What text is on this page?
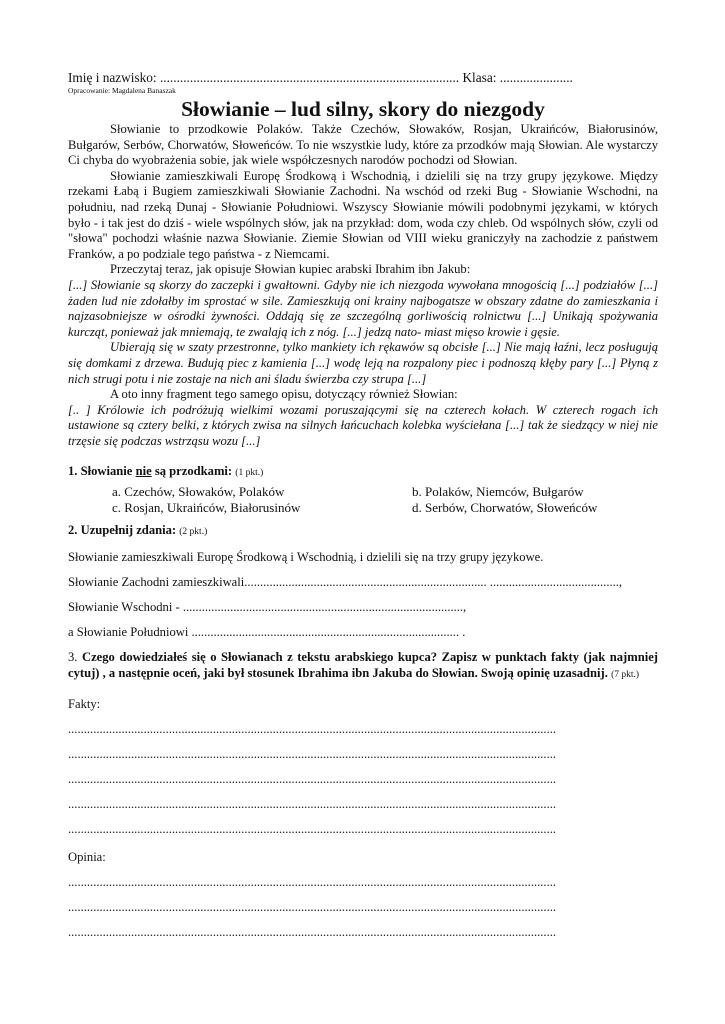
Imię i nazwisko: .......................................................................................... Klasa: ......................
Opracowanie: Magdalena Banaszak
Słowianie – lud silny, skory do niezgody

Słowianie to przodkowie Polaków. Także Czechów, Słowaków, Rosjan, Ukraińców, Białorusinów, Bułgarów, Serbów, Chorwatów, Słoweńców. To nie wszystkie ludy, które za przodków mają Słowian. Ale wystarczy Ci chyba do wyobrażenia sobie, jak wiele współczesnych narodów pochodzi od Słowian.

Słowianie zamieszkiwali Europę Środkową i Wschodnią, i dzielili się na trzy grupy językowe. Między rzekami Łabą i Bugiem zamieszkiwali Słowianie Zachodni. Na wschód od rzeki Bug - Słowianie Wschodni, na południu, nad rzeką Dunaj - Słowianie Południowi. Wszyscy Słowianie mówili podobnymi językami, w których było - i tak jest do dziś - wiele wspólnych słów, jak na przykład: dom, woda czy chleb. Od wspólnych słów, czyli od "słowa" pochodzi właśnie nazwa Słowianie. Ziemie Słowian od VIII wieku graniczyły na zachodzie z państwem Franków, a po podziale tego państwa - z Niemcami.

Przeczytaj teraz, jak opisuje Słowian kupiec arabski Ibrahim ibn Jakub:

[...] Słowianie są skorzy do zaczepki i gwałtowni. Gdyby nie ich niezgoda wywołana mnogością [...] podziałów [...] żaden lud nie zdołałby im sprostać w sile. Zamieszkują oni krainy najbogatsze w obszary zdatne do zamieszkania i najzasobniejsze w ośrodki żywności. Oddają się ze szczególną gorliwością rolnictwu [...] Unikają spożywania kurcząt, ponieważ jak mniemają, te zwalają ich z nóg. [...] jedzą nato- miast mięso krowie i gęsie.

Ubierają się w szaty przestronne, tylko mankiety ich rękawów są obcisłe [...] Nie mają łaźni, lecz posługują się domkami z drzewa. Budują piec z kamienia [...] wodę leją na rozpalony piec i podnoszą kłęby pary [...] Płyną z nich strugi potu i nie zostaje na nich ani śladu świerzba czy strupa [...]

A oto inny fragment tego samego opisu, dotyczący również Słowian:

[.. ] Królowie ich podróżują wielkimi wozami poruszającymi się na czterech kołach. W czterech rogach ich ustawione są cztery belki, z których zwisa na silnych łańcuchach kolebka wyściełana [...] tak że siedzący w niej nie trzęsie się podczas wstrząsu wozu [...]

1. Słowianie nie są przodkami: (1 pkt.)
a. Czechów, Słowaków, Polaków	b. Polaków, Niemców, Bułgarów
c. Rosjan, Ukraińców, Białorusinów	d. Serbów, Chorwatów, Słoweńców
2. Uzupełnij zdania: (2 pkt.)
Słowianie zamieszkiwali Europę Środkową i Wschodnią, i dzielili się na trzy grupy językowe.
Słowianie Zachodni zamieszkiwali............................................................................. .........................................,
Słowianie Wschodni - .........................................................................................,
a Słowianie Południowi ..................................................................................... .
3. Czego dowiedziałeś się o Słowianach z tekstu arabskiego kupca? Zapisz w punktach fakty (jak najmniej cytuj) , a następnie oceń, jaki był stosunek Ibrahima ibn Jakuba do Słowian. Swoją opinię uzasadnij. (7 pkt.)
Fakty:
...........................................................................................................................................................
...........................................................................................................................................................
...........................................................................................................................................................
...........................................................................................................................................................
...........................................................................................................................................................
Opinia:
...........................................................................................................................................................
...........................................................................................................................................................
...........................................................................................................................................................
